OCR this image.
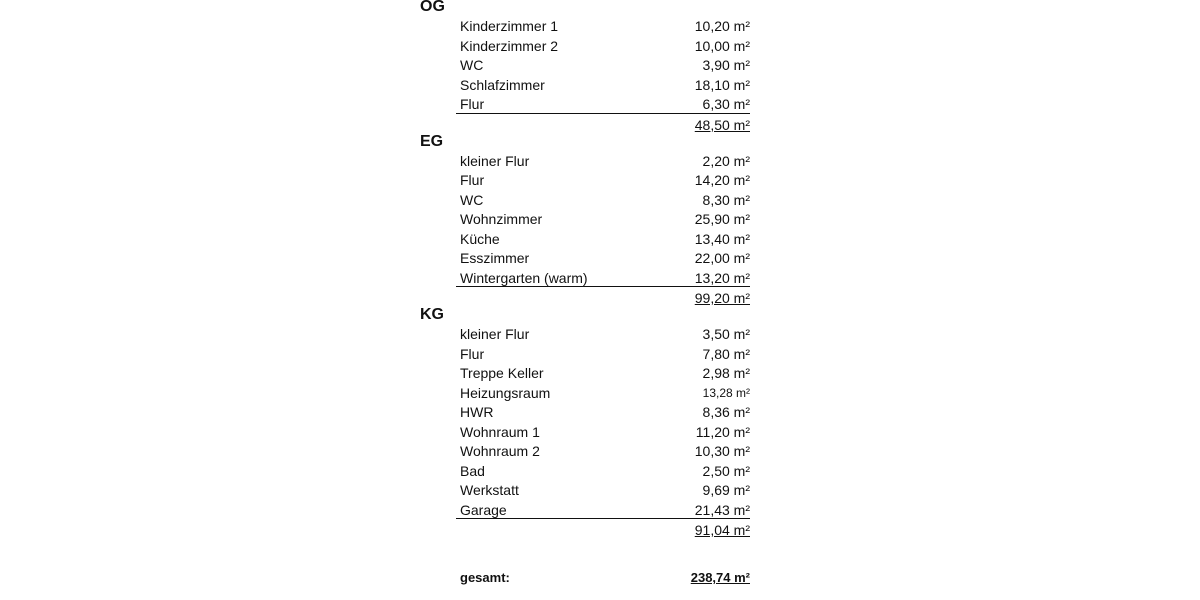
OG
Kinderzimmer 1	10,20 m²
Kinderzimmer 2	10,00 m²
WC	3,90 m²
Schlafzimmer	18,10 m²
Flur	6,30 m²
48,50 m²
EG
kleiner Flur	2,20 m²
Flur	14,20 m²
WC	8,30 m²
Wohnzimmer	25,90 m²
Küche	13,40 m²
Esszimmer	22,00 m²
Wintergarten (warm)	13,20 m²
99,20 m²
KG
kleiner Flur	3,50 m²
Flur	7,80 m²
Treppe Keller	2,98 m²
Heizungsraum	13,28 m²
HWR	8,36 m²
Wohnraum 1	11,20 m²
Wohnraum 2	10,30 m²
Bad	2,50 m²
Werkstatt	9,69 m²
Garage	21,43 m²
91,04 m²
gesamt:	238,74 m²
